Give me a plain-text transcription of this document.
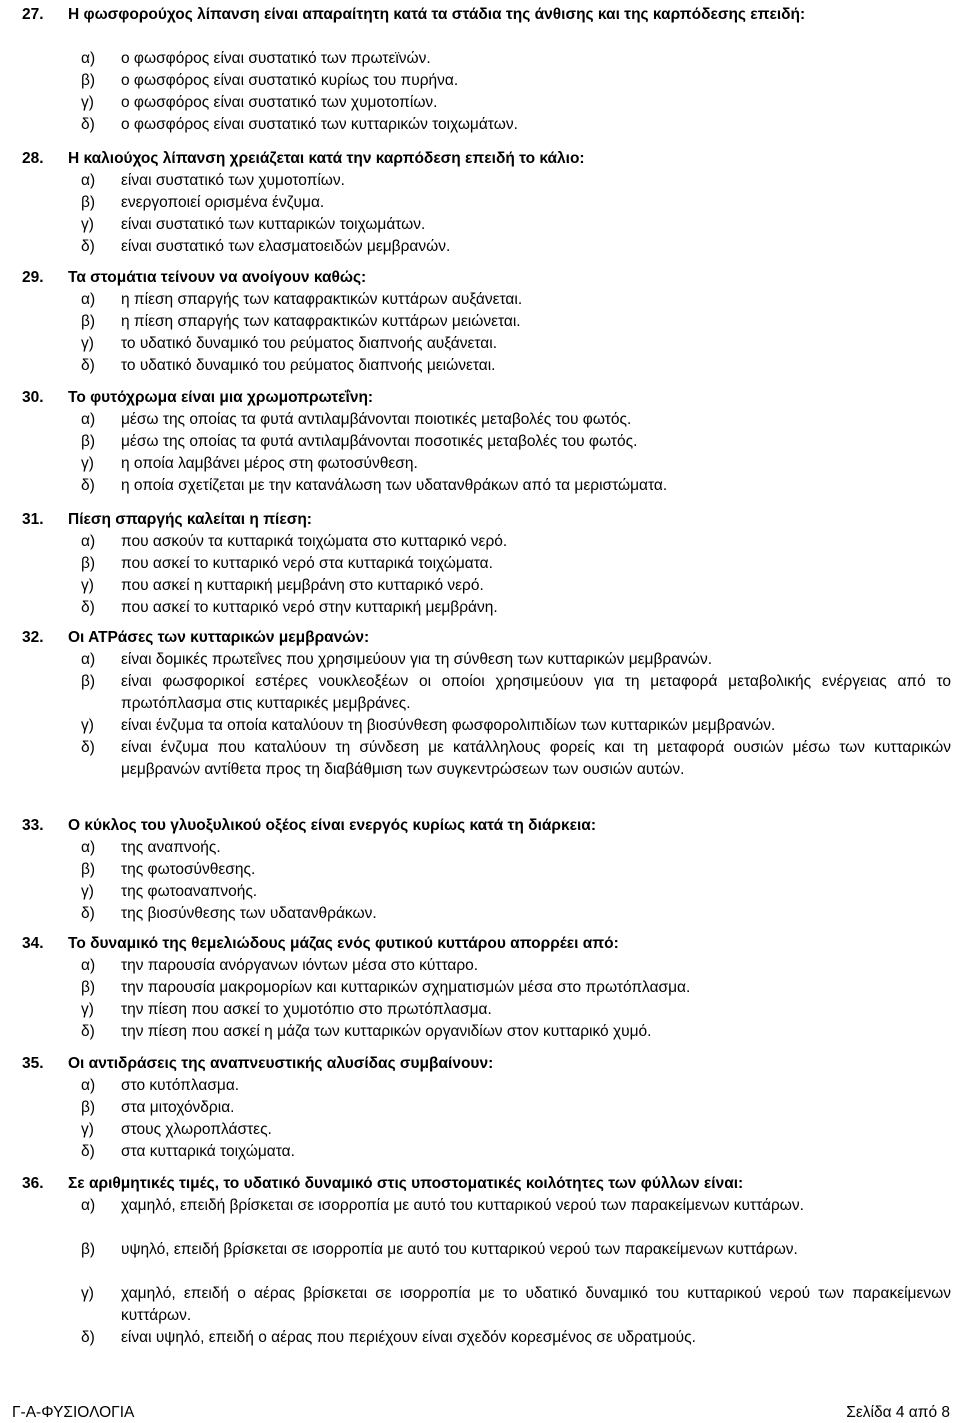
27.	Η φωσφορούχος λίπανση είναι απαραίτητη κατά τα στάδια της άνθισης και της καρπόδεσης επειδή:
α)	ο φωσφόρος είναι συστατικό των πρωτεϊνών.
β)	ο φωσφόρος είναι συστατικό κυρίως του πυρήνα.
γ)	ο φωσφόρος είναι συστατικό των χυμοτοπίων.
δ)	ο φωσφόρος είναι συστατικό των κυτταρικών τοιχωμάτων.
28.	Η καλιούχος λίπανση χρειάζεται κατά την καρπόδεση επειδή το κάλιο:
α)	είναι συστατικό των χυμοτοπίων.
β)	ενεργοποιεί ορισμένα ένζυμα.
γ)	είναι συστατικό των κυτταρικών τοιχωμάτων.
δ)	είναι συστατικό των ελασματοειδών μεμβρανών.
29.	Τα στομάτια τείνουν να ανοίγουν καθώς:
α)	η πίεση σπαργής των καταφρακτικών κυττάρων αυξάνεται.
β)	η πίεση σπαργής των καταφρακτικών κυττάρων μειώνεται.
γ)	το υδατικό δυναμικό του ρεύματος διαπνοής αυξάνεται.
δ)	το υδατικό δυναμικό του ρεύματος διαπνοής μειώνεται.
30.	Το φυτόχρωμα είναι μια χρωμοπρωτεΐνη:
α)	μέσω της οποίας τα φυτά αντιλαμβάνονται ποιοτικές μεταβολές του φωτός.
β)	μέσω της οποίας τα φυτά αντιλαμβάνονται ποσοτικές μεταβολές του φωτός.
γ)	η οποία λαμβάνει μέρος στη φωτοσύνθεση.
δ)	η οποία σχετίζεται με την κατανάλωση των υδατανθράκων από τα μεριστώματα.
31.	Πίεση σπαργής καλείται η πίεση:
α)	που ασκούν τα κυτταρικά τοιχώματα στο κυτταρικό νερό.
β)	που ασκεί το κυτταρικό νερό στα κυτταρικά τοιχώματα.
γ)	που ασκεί η κυτταρική μεμβράνη στο κυτταρικό νερό.
δ)	που ασκεί το κυτταρικό νερό στην κυτταρική μεμβράνη.
32.	Οι ΑΤΡάσες των κυτταρικών μεμβρανών:
α)	είναι δομικές πρωτεΐνες που χρησιμεύουν για τη σύνθεση των κυτταρικών μεμβρανών.
β)	είναι φωσφορικοί εστέρες νουκλεοξέων οι οποίοι χρησιμεύουν για τη μεταφορά μεταβολικής ενέργειας από το πρωτόπλασμα στις κυτταρικές μεμβράνες.
γ)	είναι ένζυμα τα οποία καταλύουν τη βιοσύνθεση φωσφορολιπιδίων των κυτταρικών μεμβρανών.
δ)	είναι ένζυμα που καταλύουν τη σύνδεση με κατάλληλους φορείς και τη μεταφορά ουσιών μέσω των κυτταρικών μεμβρανών αντίθετα προς τη διαβάθμιση των συγκεντρώσεων των ουσιών αυτών.
33.	Ο κύκλος του γλυοξυλικού οξέος είναι ενεργός κυρίως κατά τη διάρκεια:
α)	της αναπνοής.
β)	της φωτοσύνθεσης.
γ)	της φωτοαναπνοής.
δ)	της βιοσύνθεσης των υδατανθράκων.
34.	Το δυναμικό της θεμελιώδους μάζας ενός φυτικού κυττάρου απορρέει από:
α)	την παρουσία ανόργανων ιόντων μέσα στο κύτταρο.
β)	την παρουσία μακρομορίων και κυτταρικών σχηματισμών μέσα στο πρωτόπλασμα.
γ)	την πίεση που ασκεί το χυμοτόπιο στο πρωτόπλασμα.
δ)	την πίεση που ασκεί η μάζα των κυτταρικών οργανιδίων στον κυτταρικό χυμό.
35.	Οι αντιδράσεις της αναπνευστικής αλυσίδας συμβαίνουν:
α)	στο κυτόπλασμα.
β)	στα μιτοχόνδρια.
γ)	στους χλωροπλάστες.
δ)	στα κυτταρικά τοιχώματα.
36.	Σε αριθμητικές τιμές, το υδατικό δυναμικό στις υποστοματικές κοιλότητες των φύλλων είναι:
α)	χαμηλό, επειδή βρίσκεται σε ισορροπία με αυτό του κυτταρικού νερού των παρακείμενων κυττάρων.
β)	υψηλό, επειδή βρίσκεται σε ισορροπία με αυτό του κυτταρικού νερού των παρακείμενων κυττάρων.
γ)	χαμηλό, επειδή ο αέρας βρίσκεται σε ισορροπία με το υδατικό δυναμικό του κυτταρικού νερού των παρακείμενων κυττάρων.
δ)	είναι υψηλό, επειδή ο αέρας που περιέχουν είναι σχεδόν κορεσμένος σε υδρατμούς.
Γ-Α-ΦΥΣΙΟΛΟΓΙΑ	Σελίδα 4 από 8
